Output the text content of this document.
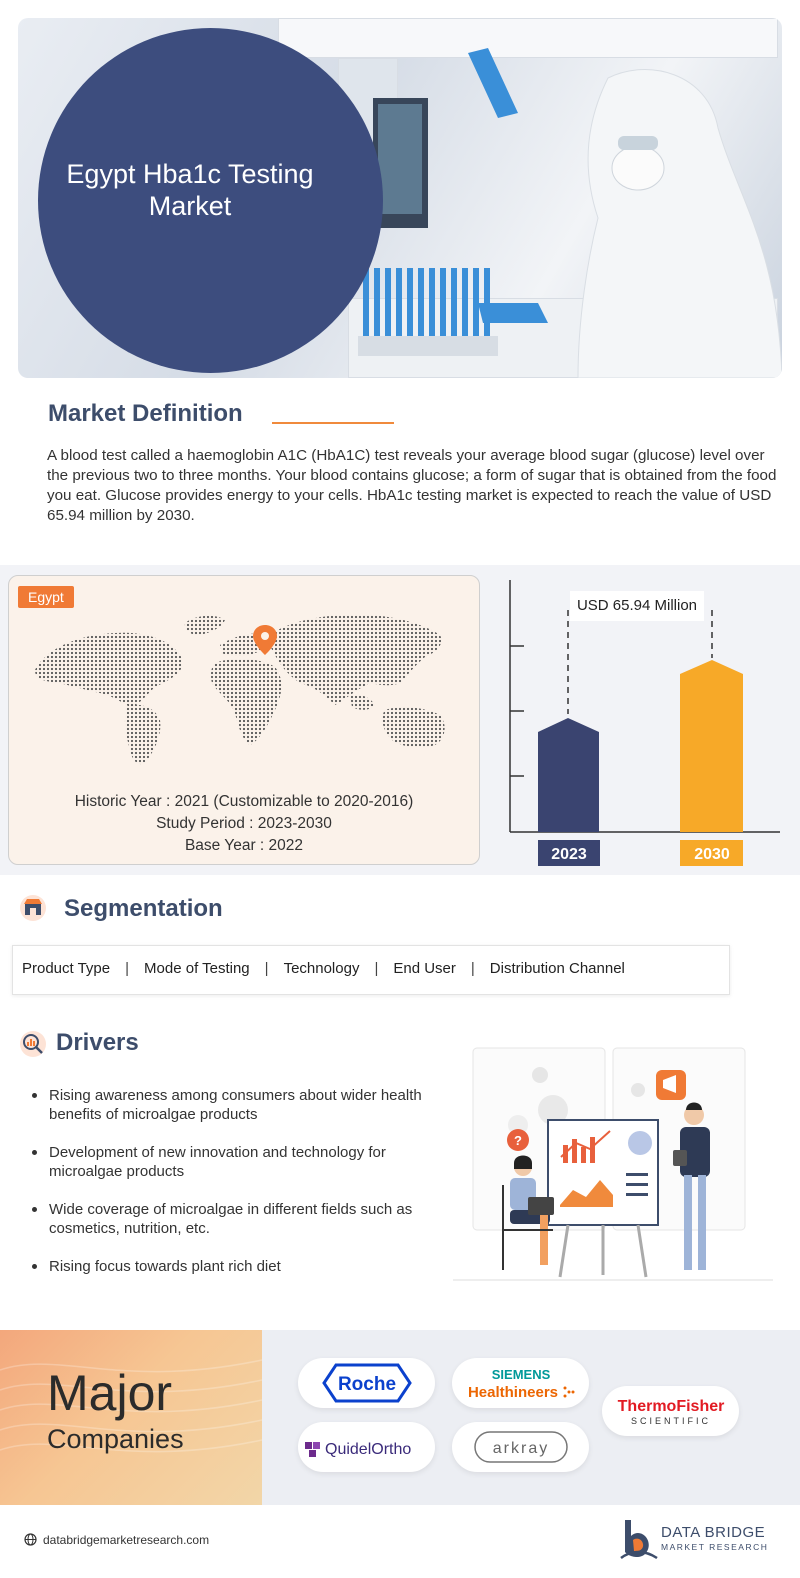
Egypt Hba1c Testing Market
Market Definition
A blood test called a haemoglobin A1C (HbA1C) test reveals your average blood sugar (glucose) level over the previous two to three months. Your blood contains glucose; a form of sugar that is obtained from the food you eat. Glucose provides energy to your cells. HbA1c testing market is expected to reach the value of USD 65.94 million by 2030.
Egypt
Historic Year : 2021 (Customizable to 2020-2016)
Study Period : 2023-2030
Base Year : 2022
USD 65.94 Million
2023	2030
Segmentation
Product Type | Mode of Testing | Technology | End User | Distribution Channel
Drivers
Rising awareness among consumers about wider health benefits of microalgae products
Development of new innovation and technology for microalgae products
Wide coverage of microalgae in different fields such as cosmetics, nutrition, etc.
Rising focus towards plant rich diet
?
Major
Companies
Roche	SIEMENS
Healthineers
ThermoFisher
SCIENTIFIC
QuidelOrtho	arkray
databridgemarketresearch.com	DATA BRIDGE
MARKET RESEARCH
